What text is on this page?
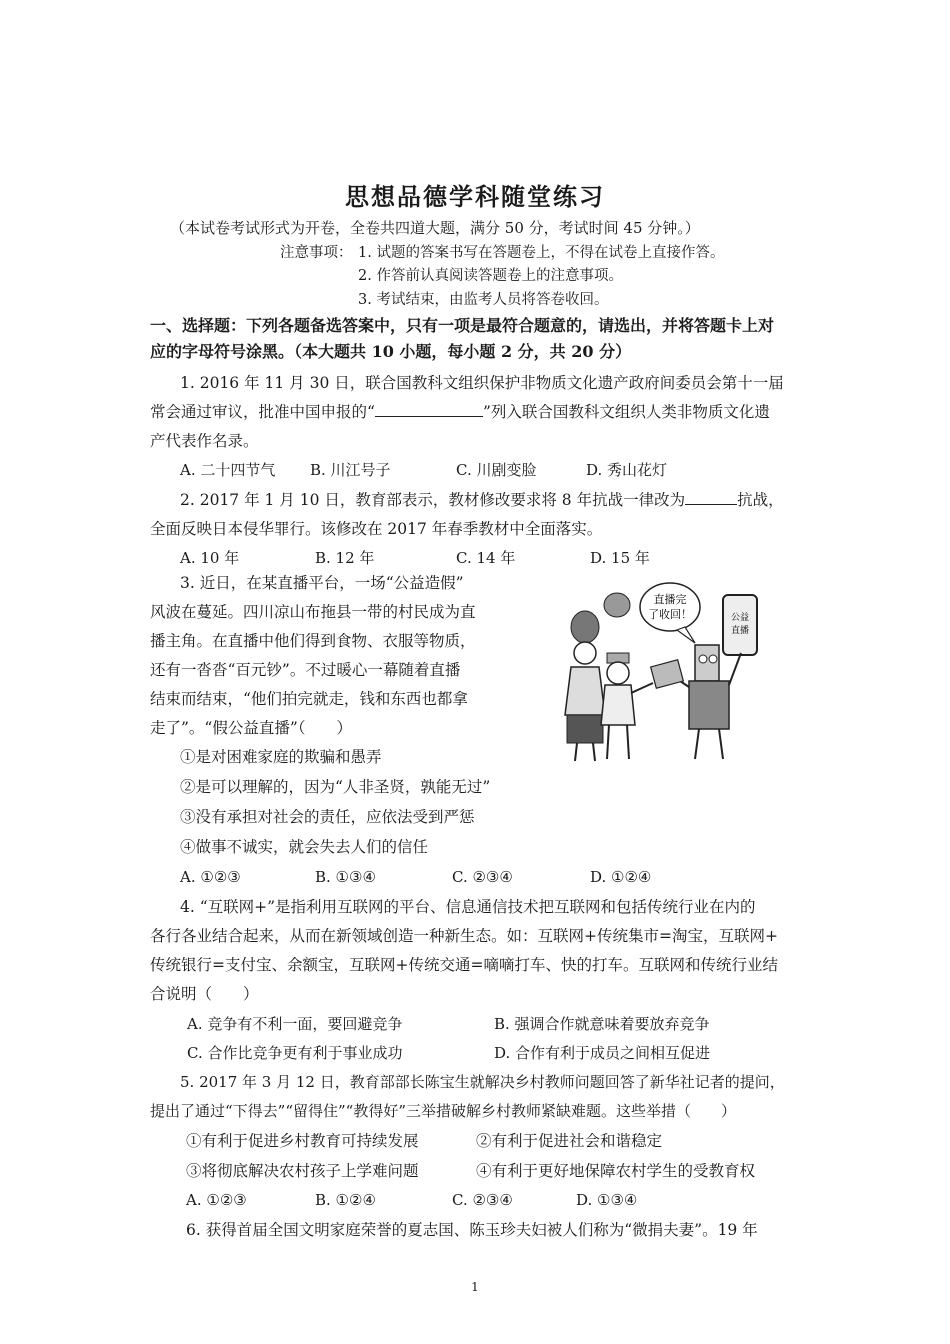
思想品德学科随堂练习
（本试卷考试形式为开卷，全卷共四道大题，满分 50 分，考试时间 45 分钟。）
注意事项： 1. 试题的答案书写在答题卷上，不得在试卷上直接作答。
2. 作答前认真阅读答题卷上的注意事项。
3. 考试结束，由监考人员将答卷收回。
一、选择题：下列各题备选答案中，只有一项是最符合题意的，请选出，并将答题卡上对
应的字母符号涂黑。（本大题共 10 小题，每小题 2 分，共 20 分）
1. 2016 年 11 月 30 日，联合国教科文组织保护非物质文化遗产政府间委员会第十一届
常会通过审议，批准中国申报的“	”列入联合国教科文组织人类非物质文化遗
产代表作名录。
A. 二十四节气 B. 川江号子	C. 川剧变脸	D. 秀山花灯
2. 2017 年 1 月 10 日，教育部表示，教材修改要求将 8 年抗战一律改为	抗战，
全面反映日本侵华罪行。该修改在 2017 年春季教材中全面落实。
A. 10 年	B. 12 年	C. 14 年	D. 15 年
3. 近日，在某直播平台，一场“公益造假”
风波在蔓延。四川凉山布拖县一带的村民成为直
播主角。在直播中他们得到食物、衣服等物质，
还有一沓沓“百元钞”。不过暖心一幕随着直播
结束而结束，“他们拍完就走，钱和东西也都拿
走了”。“假公益直播”（　　）
直播完
了收回！	公益
直播
①是对困难家庭的欺骗和愚弄
②是可以理解的，因为“人非圣贤，孰能无过”
③没有承担对社会的责任，应依法受到严惩
④做事不诚实，就会失去人们的信任
A. ①②③	B. ①③④	C. ②③④	D. ①②④
4. “互联网+”是指利用互联网的平台、信息通信技术把互联网和包括传统行业在内的
各行各业结合起来，从而在新领域创造一种新生态。如：互联网+传统集市=淘宝，互联网+
传统银行=支付宝、余额宝，互联网+传统交通=嘀嘀打车、快的打车。互联网和传统行业结
合说明（　　）
A. 竞争有不利一面，要回避竞争	B. 强调合作就意味着要放弃竞争
C. 合作比竞争更有利于事业成功	D. 合作有利于成员之间相互促进
5. 2017 年 3 月 12 日，教育部部长陈宝生就解决乡村教师问题回答了新华社记者的提问，
提出了通过“下得去”“留得住”“教得好”三举措破解乡村教师紧缺难题。这些举措（　　）
①有利于促进乡村教育可持续发展	②有利于促进社会和谐稳定
③将彻底解决农村孩子上学难问题	④有利于更好地保障农村学生的受教育权
A. ①②③	B. ①②④	C. ②③④	D. ①③④
6. 获得首届全国文明家庭荣誉的夏志国、陈玉珍夫妇被人们称为“微捐夫妻”。19 年
1
